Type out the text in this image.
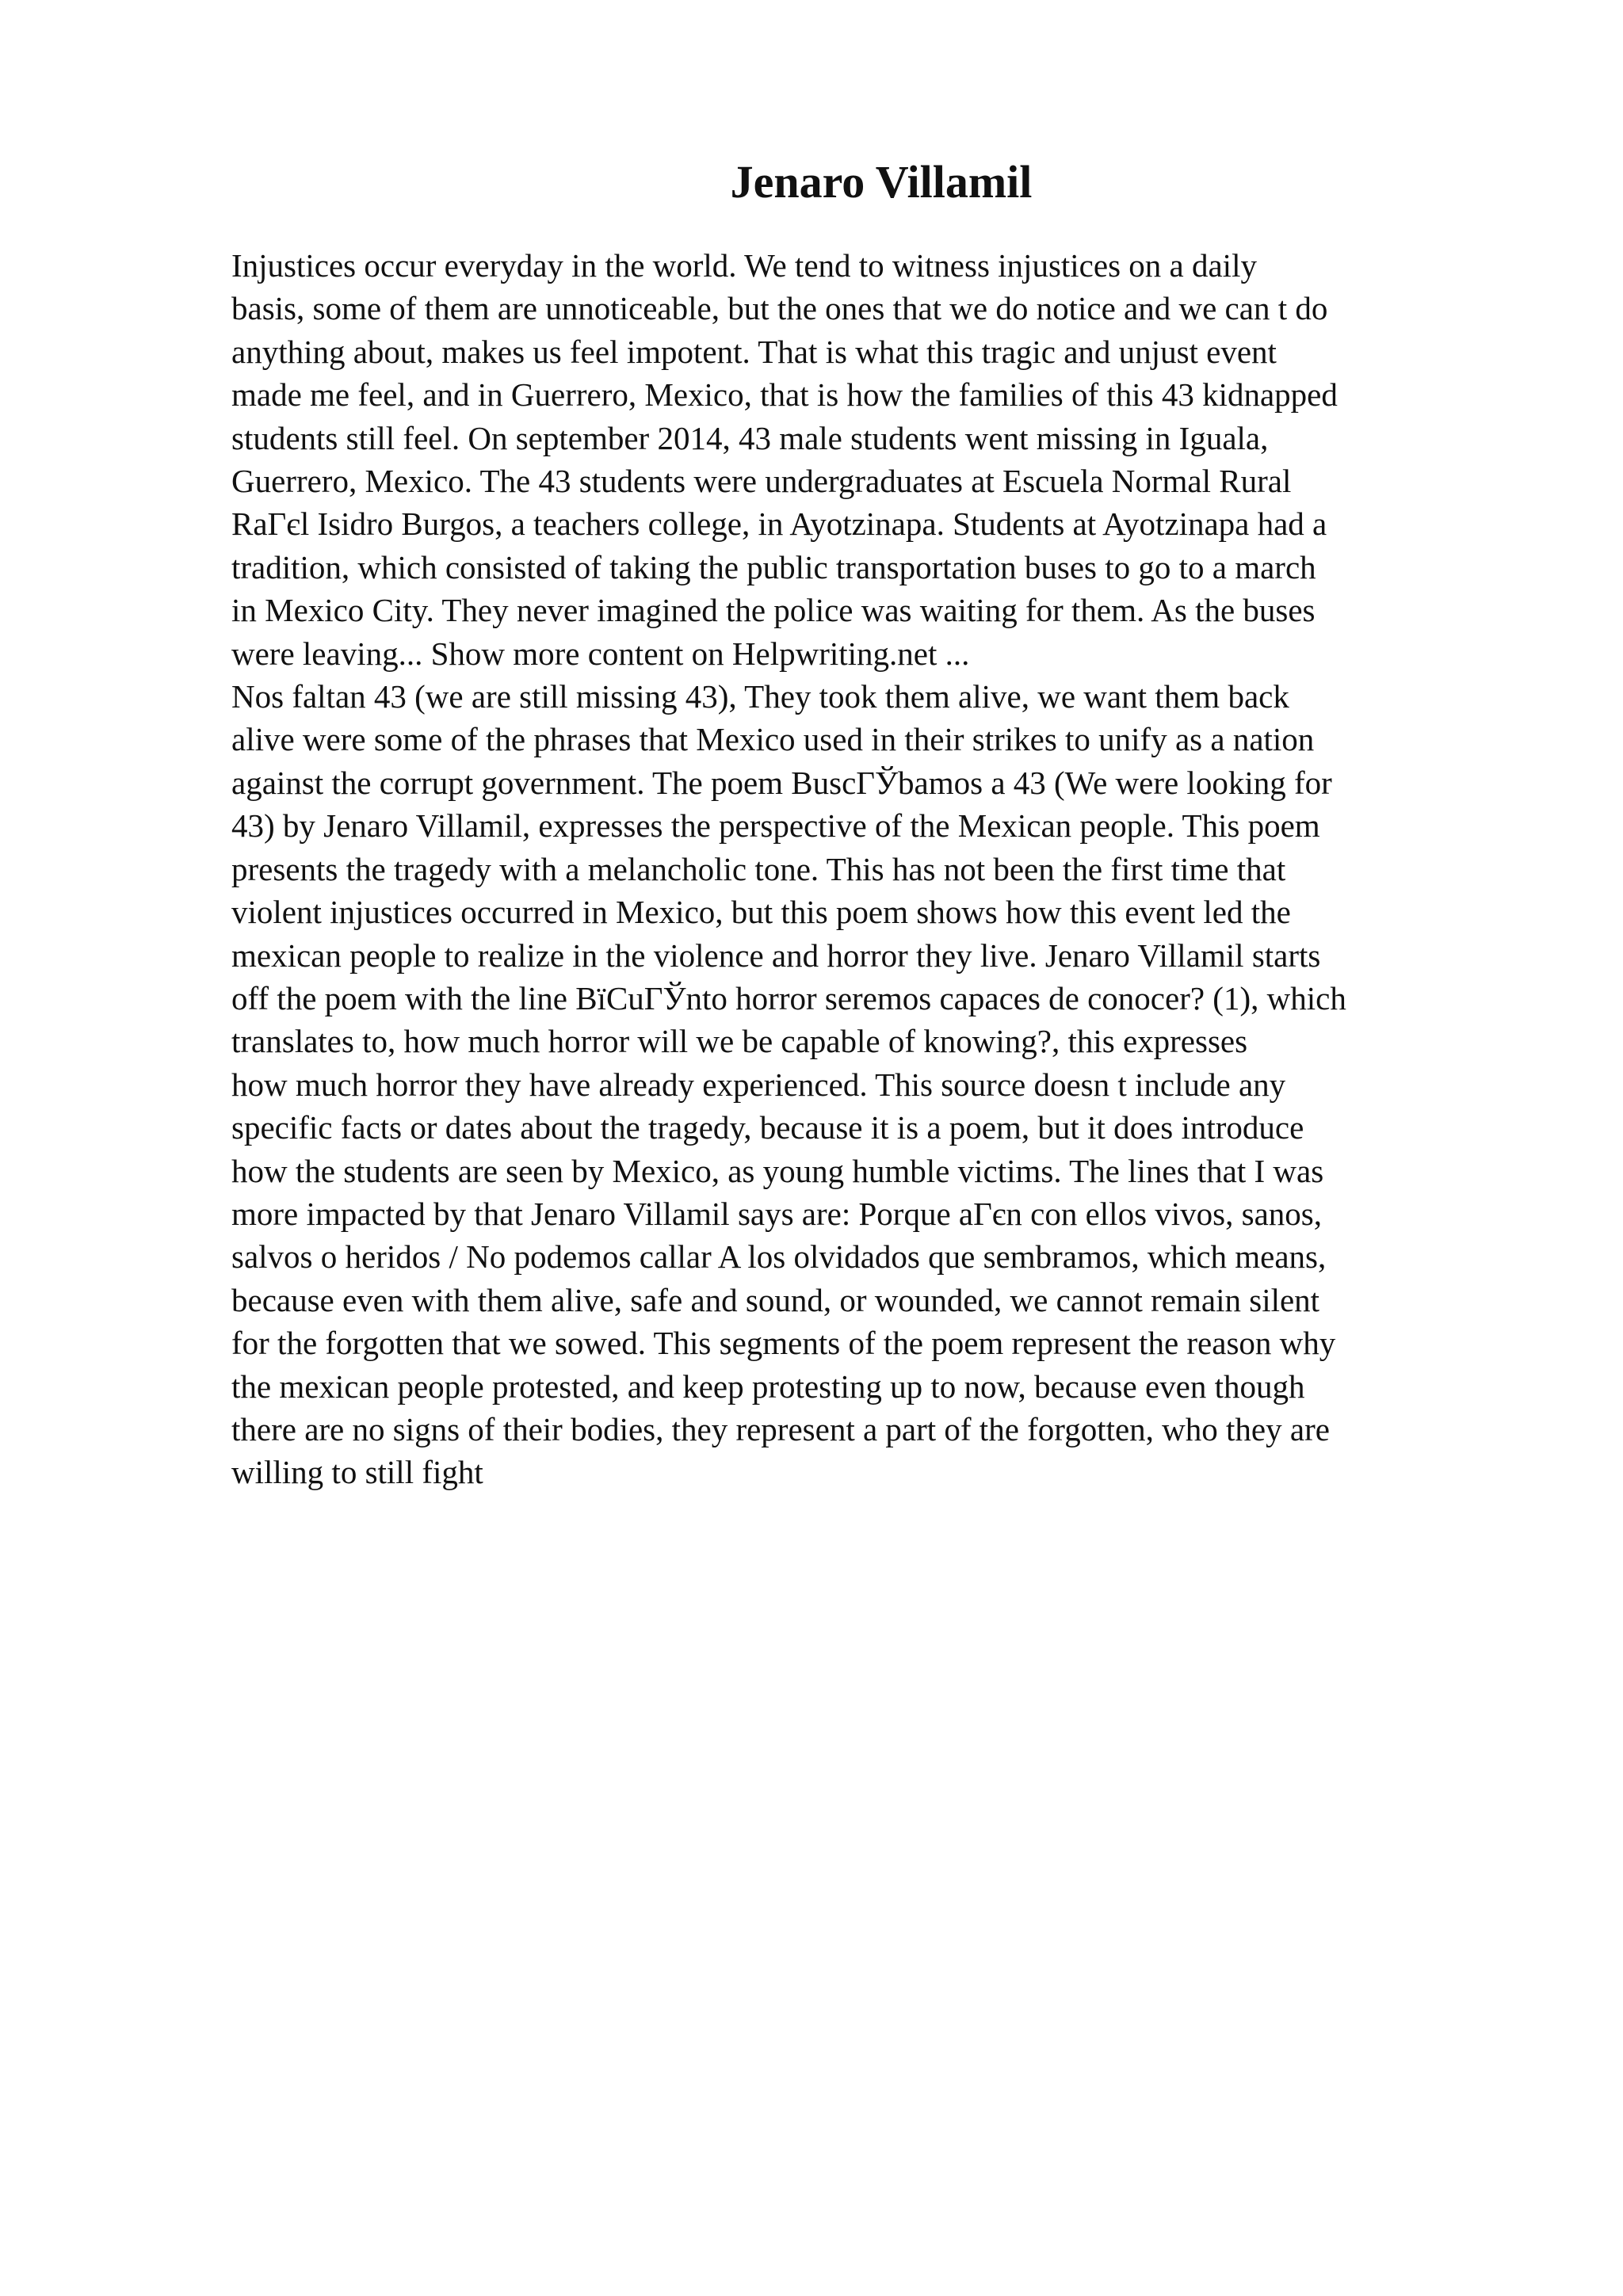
Jenaro Villamil
Injustices occur everyday in the world. We tend to witness injustices on a daily
basis, some of them are unnoticeable, but the ones that we do notice and we can t do
anything about, makes us feel impotent. That is what this tragic and unjust event
made me feel, and in Guerrero, Mexico, that is how the families of this 43 kidnapped
students still feel. On september 2014, 43 male students went missing in Iguala,
Guerrero, Mexico. The 43 students were undergraduates at Escuela Normal Rural
RaΓєl Isidro Burgos, a teachers college, in Ayotzinapa. Students at Ayotzinapa had a
tradition, which consisted of taking the public transportation buses to go to a march
in Mexico City. They never imagined the police was waiting for them. As the buses
were leaving... Show more content on Helpwriting.net ...
Nos faltan 43 (we are still missing 43), They took them alive, we want them back
alive were some of the phrases that Mexico used in their strikes to unify as a nation
against the corrupt government. The poem BuscΓЎbamos a 43 (We were looking for
43) by Jenaro Villamil, expresses the perspective of the Mexican people. This poem
presents the tragedy with a melancholic tone. This has not been the first time that
violent injustices occurred in Mexico, but this poem shows how this event led the
mexican people to realize in the violence and horror they live. Jenaro Villamil starts
off the poem with the line BïCuΓЎnto horror seremos capaces de conocer? (1), which
translates to, how much horror will we be capable of knowing?, this expresses
how much horror they have already experienced. This source doesn t include any
specific facts or dates about the tragedy, because it is a poem, but it does introduce
how the students are seen by Mexico, as young humble victims. The lines that I was
more impacted by that Jenaro Villamil says are: Porque aΓєn con ellos vivos, sanos,
salvos o heridos / No podemos callar A los olvidados que sembramos, which means,
because even with them alive, safe and sound, or wounded, we cannot remain silent
for the forgotten that we sowed. This segments of the poem represent the reason why
the mexican people protested, and keep protesting up to now, because even though
there are no signs of their bodies, they represent a part of the forgotten, who they are
willing to still fight
